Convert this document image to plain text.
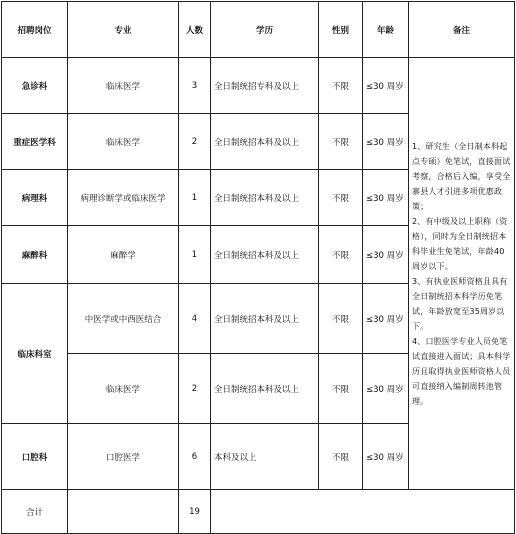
招聘岗位	专业	人数	学历	性别	年龄	备注
急诊科	临床医学	3	全日制统招专科及以上	不限	≤30 周岁	1、研究生（全日制本科起点专硕）免笔试，直接面试考察，合格后入编，享受全寨县人才引进多项优惠政策；
2、有中级及以上职称（资格），同时为全日制统招本科毕业生免笔试，年龄40周岁以下。
3、有执业医师资格且具有全日制统招本科学历免笔试，年龄放宽至35周岁以下。
4、口腔医学专业人员免笔试直接进入面试；具本科学历且取得执业医师资格人员可直接纳入编制周转池管理。

重症医学科	临床医学	2	全日制统招本科及以上	不限	≤30 周岁	
病理科	病理诊断学或临床医学	1	全日制统招本科及以上	不限	≤30 周岁	
麻醉科	麻醉学	1	全日制统招本科及以上	不限	≤30 周岁	
临床科室	中医学或中西医结合	4	全日制统招本科及以上	不限	≤30 周岁	
	临床医学	2	全日制统招本科及以上	不限	≤30 周岁	
口腔科	口腔医学	6	本科及以上	不限	≤30 周岁	
合计		19				
